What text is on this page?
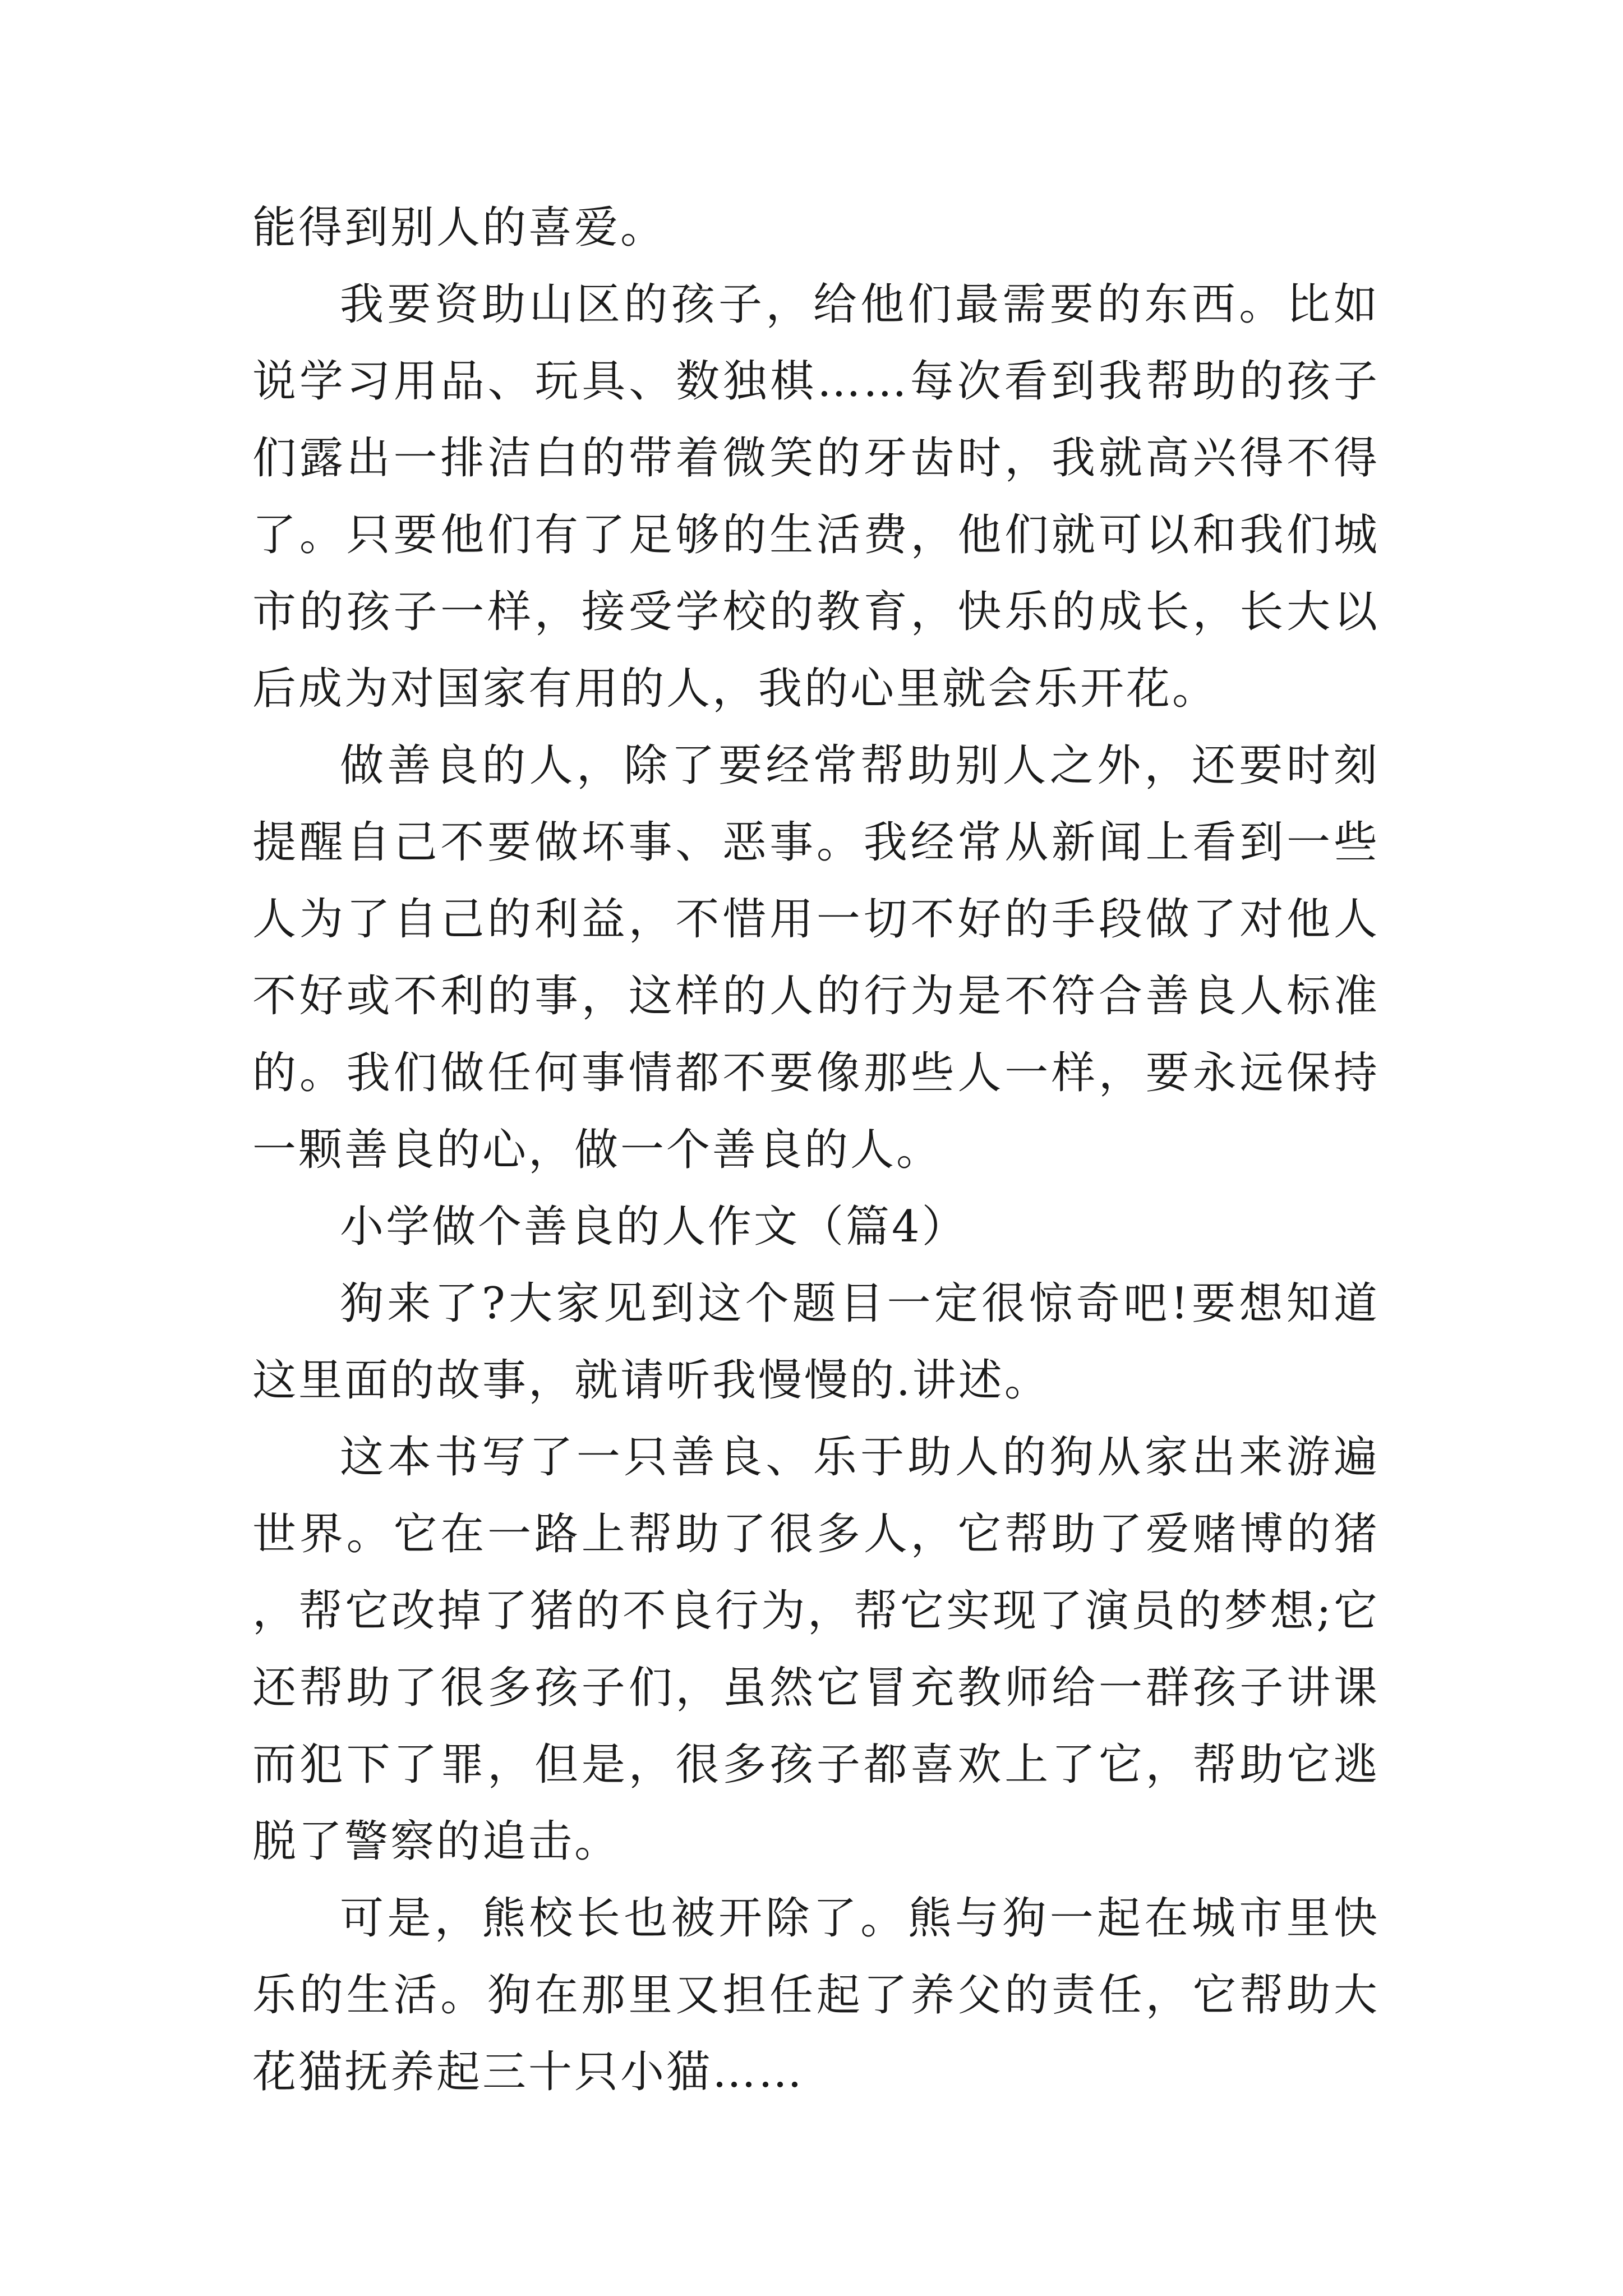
能得到别人的喜爱。

我要资助山区的孩子，给他们最需要的东西。比如说学习用品、玩具、数独棋……每次看到我帮助的孩子们露出一排洁白的带着微笑的牙齿时，我就高兴得不得了。只要他们有了足够的生活费，他们就可以和我们城市的孩子一样，接受学校的教育，快乐的成长，长大以后成为对国家有用的人，我的心里就会乐开花。

做善良的人，除了要经常帮助别人之外，还要时刻提醒自己不要做坏事、恶事。我经常从新闻上看到一些人为了自己的利益，不惜用一切不好的手段做了对他人不好或不利的事，这样的人的行为是不符合善良人标准的。我们做任何事情都不要像那些人一样，要永远保持一颗善良的心，做一个善良的人。

小学做个善良的人作文（篇4）

狗来了?大家见到这个题目一定很惊奇吧!要想知道这里面的故事，就请听我慢慢的.讲述。

这本书写了一只善良、乐于助人的狗从家出来游遍世界。它在一路上帮助了很多人，它帮助了爱赌博的猪，帮它改掉了猪的不良行为，帮它实现了演员的梦想;它还帮助了很多孩子们，虽然它冒充教师给一群孩子讲课而犯下了罪，但是，很多孩子都喜欢上了它，帮助它逃脱了警察的追击。

可是，熊校长也被开除了。熊与狗一起在城市里快乐的生活。狗在那里又担任起了养父的责任，它帮助大花猫抚养起三十只小猫……
